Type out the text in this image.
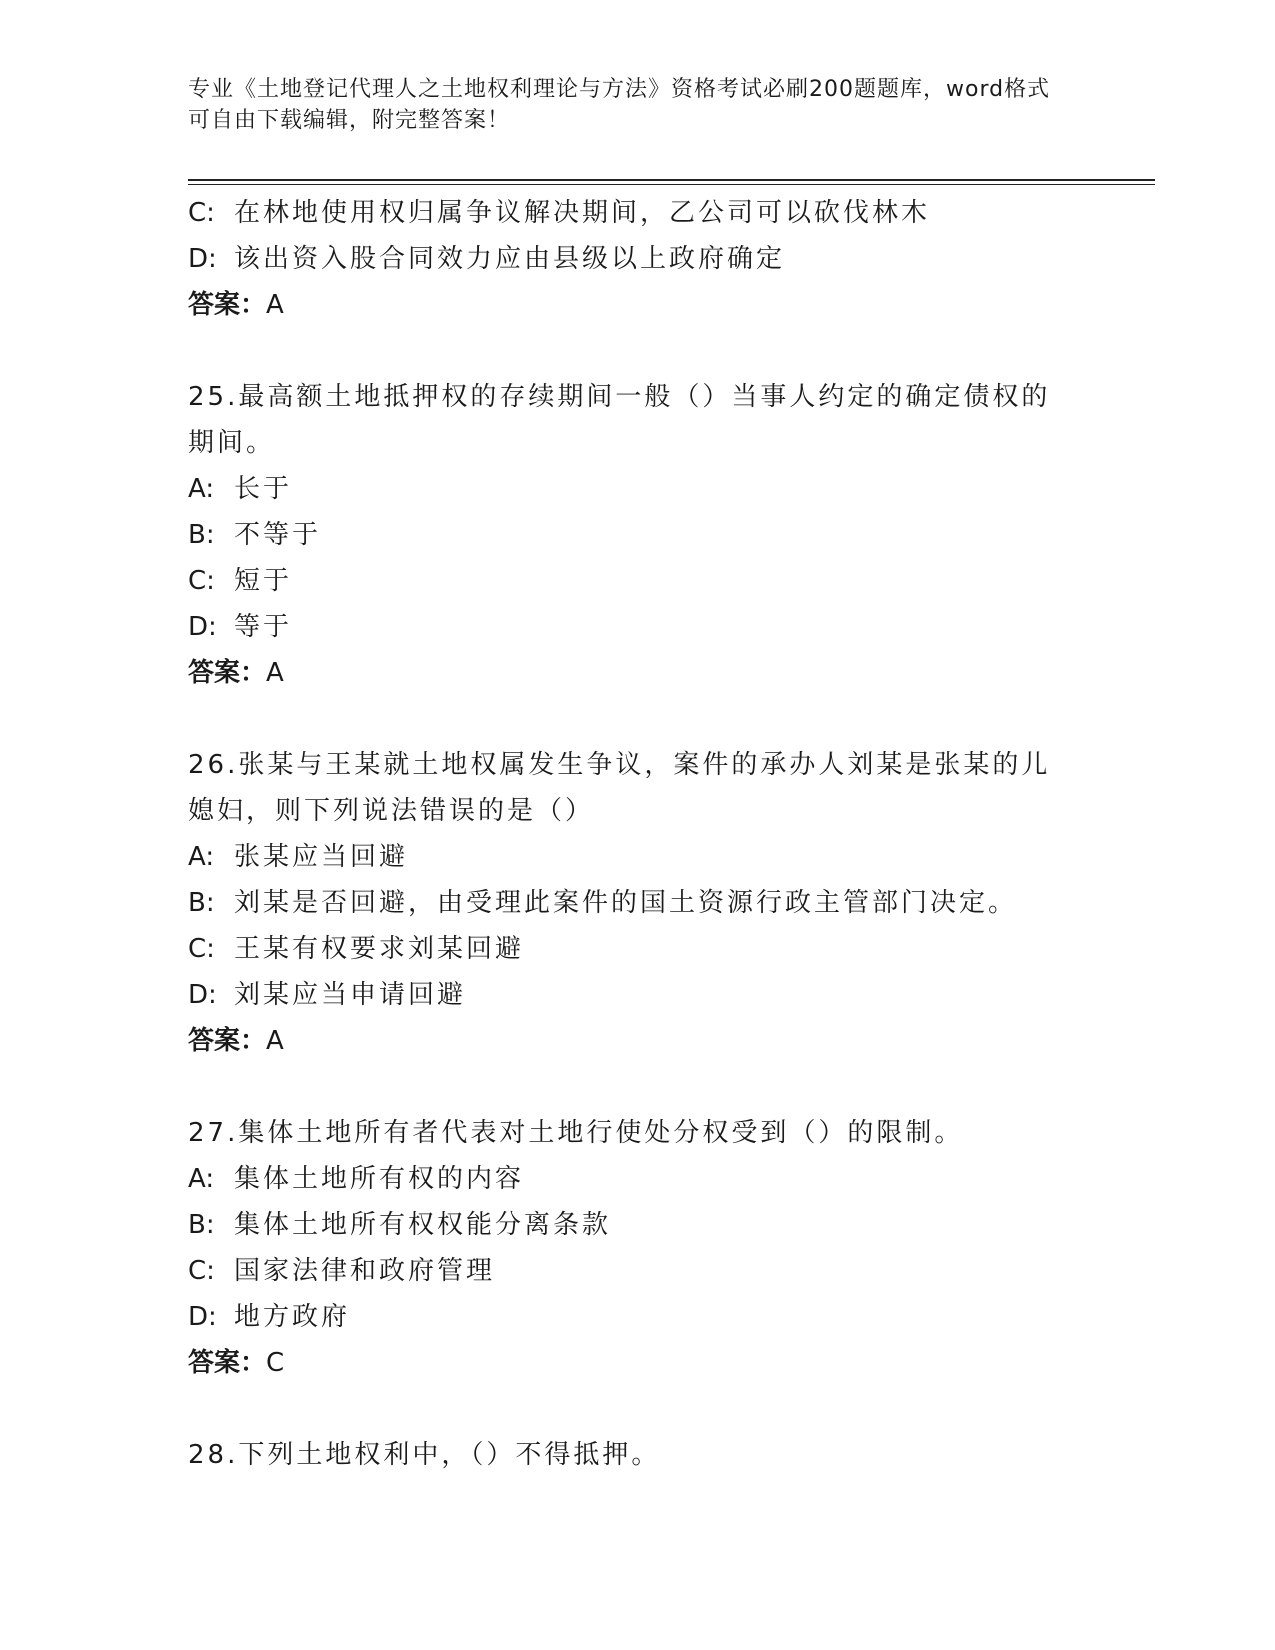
专业《土地登记代理人之土地权利理论与方法》资格考试必刷200题题库，word格式可自由下载编辑，附完整答案！
C: 在林地使用权归属争议解决期间，乙公司可以砍伐林木
D: 该出资入股合同效力应由县级以上政府确定
答案：A
25.最高额土地抵押权的存续期间一般（）当事人约定的确定债权的期间。
A: 长于
B: 不等于
C: 短于
D: 等于
答案：A
26.张某与王某就土地权属发生争议，案件的承办人刘某是张某的儿媳妇，则下列说法错误的是（）
A: 张某应当回避
B: 刘某是否回避，由受理此案件的国土资源行政主管部门决定。
C: 王某有权要求刘某回避
D: 刘某应当申请回避
答案：A
27.集体土地所有者代表对土地行使处分权受到（）的限制。
A: 集体土地所有权的内容
B: 集体土地所有权权能分离条款
C: 国家法律和政府管理
D: 地方政府
答案：C
28.下列土地权利中，（）不得抵押。
